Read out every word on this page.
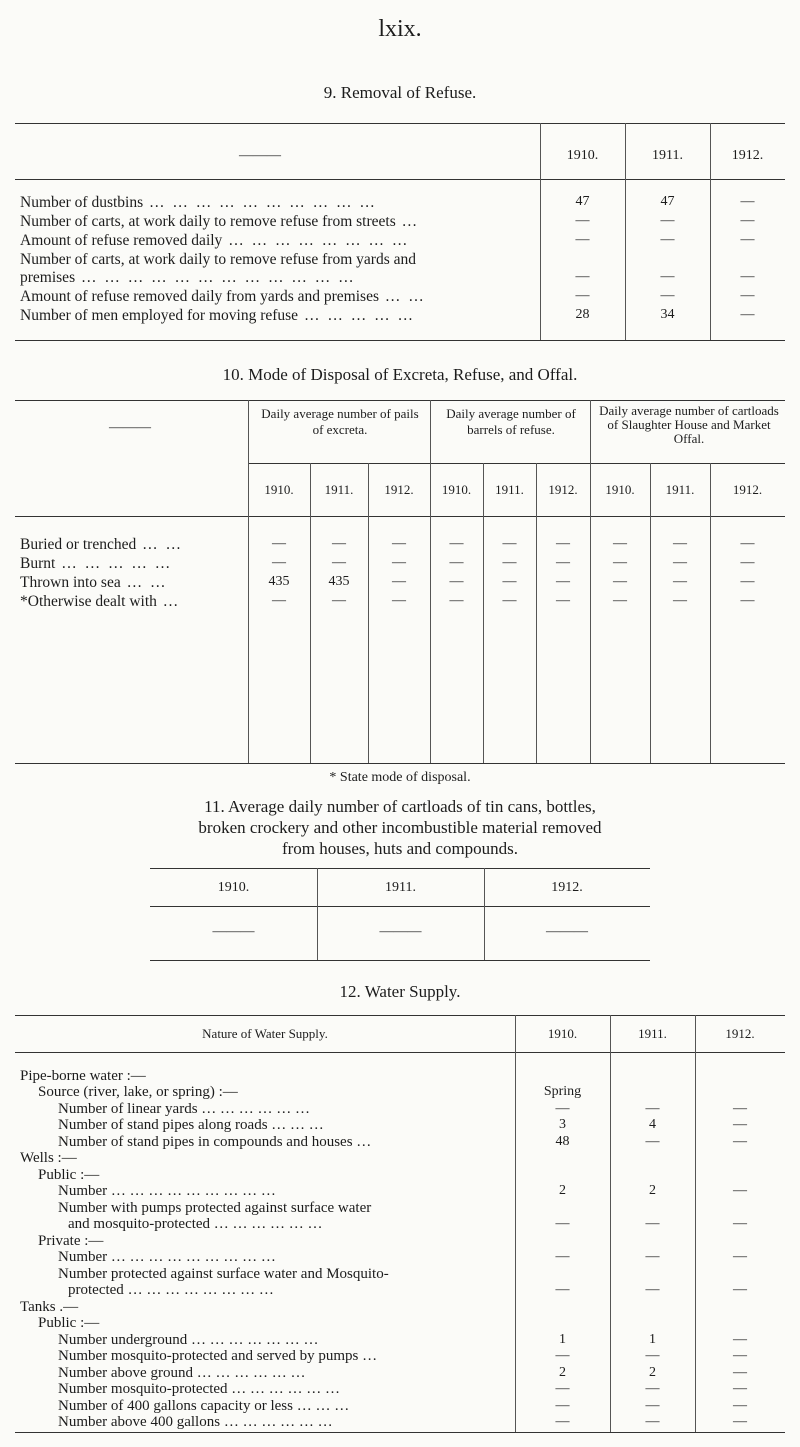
lxix.
9. Removal of Refuse.
———	1910.	1911.	1912.
Number of dustbins … … … … … … … … … …	47	47	—
Number of carts, at work daily to remove refuse from streets …	—	—	—
Amount of refuse removed daily … … … … … … … …	—	—	—
Number of carts, at work daily to remove refuse from yards and
premises … … … … … … … … … … … …	—	—	—
Amount of refuse removed daily from yards and premises … …	—	—	—
Number of men employed for moving refuse … … … … …	28	34	—
10. Mode of Disposal of Excreta, Refuse, and Offal.
———
Daily average number of pails of excreta.
Daily average number of barrels of refuse.
Daily average number of cartloads of Slaughter House and Market Offal.
1910.	1911.	1912.	1910.	1911.	1912.	1910.	1911.	1912.
Buried or trenched … …	—	—	—	—	—	—	—	—	—
Burnt … … … … …	—	—	—	—	—	—	—	—	—
Thrown into sea … …	435	435	—	—	—	—	—	—	—
*Otherwise dealt with …	—	—	—	—	—	—	—	—	—
* State mode of disposal.
11. Average daily number of cartloads of tin cans, bottles,
broken crockery and other incombustible material removed
from houses, huts and compounds.
1910.	1911.	1912.
———	———	———
12. Water Supply.
Nature of Water Supply.	1910.	1911.	1912.
Pipe-borne water :—
Source (river, lake, or spring) :—	Spring
Number of linear yards … … … … … …	—	—	—
Number of stand pipes along roads … … …	3	4	—
Number of stand pipes in compounds and houses …	48	—	—
Wells :—
Public :—
Number … … … … … … … … …	2	2	—
Number with pumps protected against surface water
and mosquito-protected … … … … … …	—	—	—
Private :—
Number … … … … … … … … …	—	—	—
Number protected against surface water and Mosquito-
protected … … … … … … … …	—	—	—
Tanks .—
Public :—
Number underground … … … … … … …	1	1	—
Number mosquito-protected and served by pumps …	—	—	—
Number above ground … … … … … …	2	2	—
Number mosquito-protected … … … … … …	—	—	—
Number of 400 gallons capacity or less … … …	—	—	—
Number above 400 gallons … … … … … …	—	—	—
